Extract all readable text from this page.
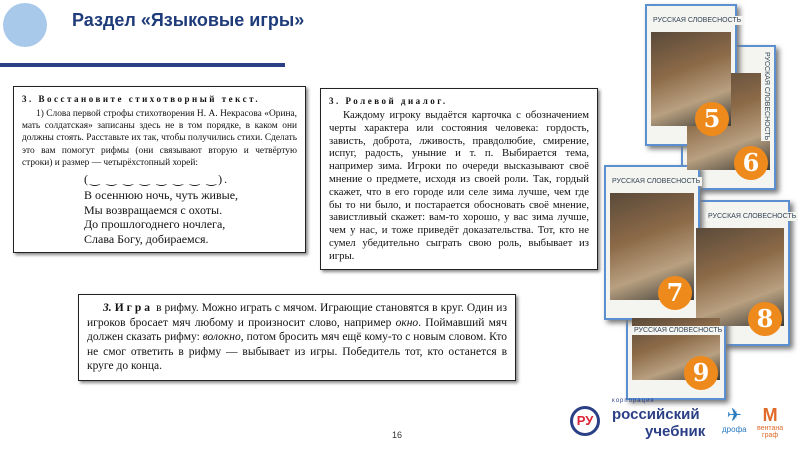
Раздел «Языковые игры»
3. Восстановите стихотворный текст.
1) Слова первой строфы стихотворения Н. А. Некрасова «Орина, мать солдатская» записаны здесь не в том порядке, в каком они должны стоять. Расставьте их так, чтобы получились стихи. Сделать это вам помогут рифмы (они связывают вторую и четвёртую строки) и размер — четырёхстопный хорей:
(‿ ‿ ‿ ‿ ‿ ‿ ‿ ‿).
В осеннюю ночь, чуть живые,
Мы возвращаемся с охоты.
До прошлогоднего ночлега,
Слава Богу, добираемся.
3. Ролевой диалог.
Каждому игроку выдаётся карточка с обозначением черты характера или состояния человека: гордость, зависть, доброта, лживость, правдолюбие, смирение, испуг, радость, уныние и т. п. Выбирается тема, например зима. Игроки по очереди высказывают своё мнение о предмете, исходя из своей роли. Так, гордый скажет, что в его городе или селе зима лучше, чем где бы то ни было, и постарается обосновать своё мнение, завистливый скажет: вам-то хорошо, у вас зима лучше, чем у нас, и тоже приведёт доказательства. Тот, кто не сумел убедительно сыграть свою роль, выбывает из игры.
3. Игра в рифму. Можно играть с мячом. Играющие становятся в круг. Один из игроков бросает мяч любому и произносит слово, например окно. Поймавший мяч должен сказать рифму: волокно, потом бросить мяч ещё кому-то с новым словом. Кто не смог ответить в рифму — выбывает из игры. Победитель тот, кто останется в круге до конца.
РУССКАЯ СЛОВЕСНОСТЬ
6
РУССКАЯ СЛОВЕСНОСТЬ
5
РУССКАЯ СЛОВЕСНОСТЬ
8
РУССКАЯ СЛОВЕСНОСТЬ
9
РУССКАЯ СЛОВЕСНОСТЬ
7
16
РУ
корпорация
российский
учебник
✈
дрофа
M
вентана
граф
